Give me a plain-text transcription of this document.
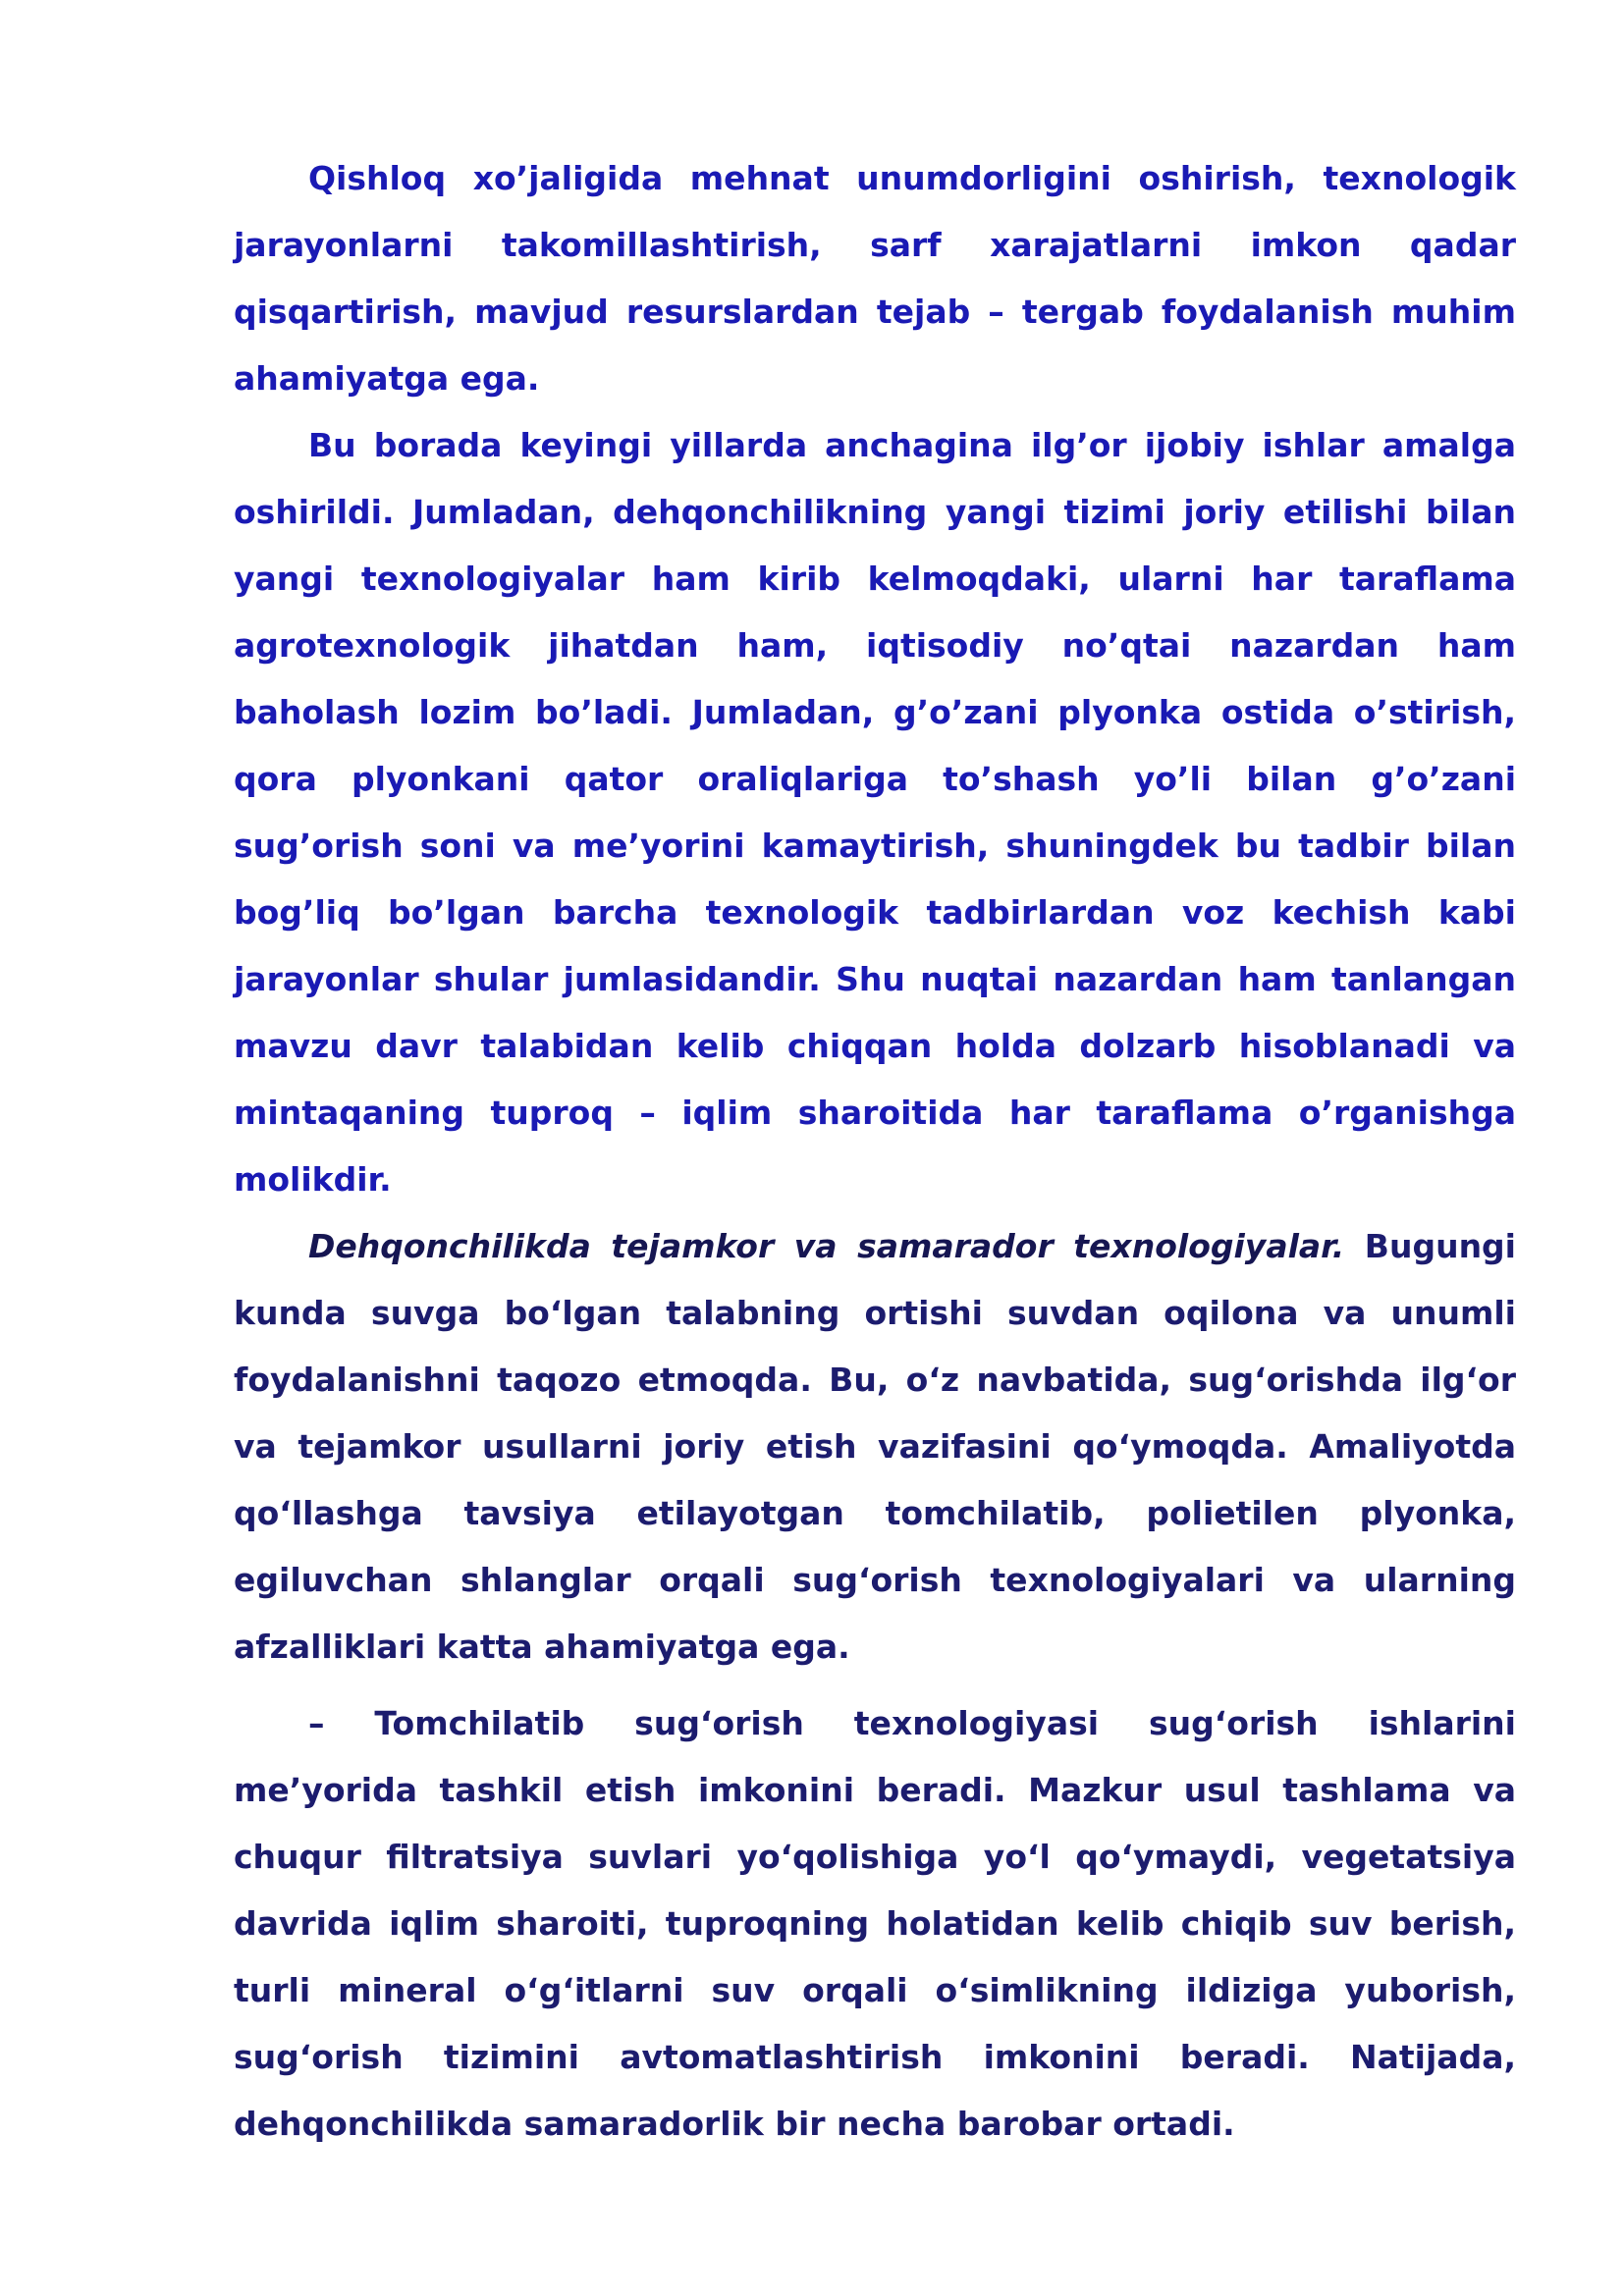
Qishloq xo’jaligida mehnat unumdorligini oshirish, texnologik jarayonlarni takomillashtirish, sarf xarajatlarni imkon qadar qisqartirish, mavjud resurslardan tejab – tergab foydalanish muhim ahamiyatga ega.

Bu borada keyingi yillarda anchagina ilg’or ijobiy ishlar amalga oshirildi. Jumladan, dehqonchilikning yangi tizimi joriy etilishi bilan yangi texnologiyalar ham kirib kelmoqdaki, ularni har taraflama agrotexnologik jihatdan ham, iqtisodiy no’qtai nazardan ham baholash lozim bo’ladi. Jumladan, g’o’zani plyonka ostida o’stirish, qora plyonkani qator oraliqlariga to’shash yo’li bilan g’o’zani sug’orish soni va me’yorini kamaytirish, shuningdek bu tadbir bilan bog’liq bo’lgan barcha texnologik tadbirlardan voz kechish kabi jarayonlar shular jumlasidandir. Shu nuqtai nazardan ham tanlangan mavzu davr talabidan kelib chiqqan holda dolzarb hisoblanadi va mintaqaning tuproq – iqlim sharoitida har taraflama o’rganishga molikdir.

Dehqonchilikda tejamkor va samarador texnologiyalar. Bugungi kunda suvga bo‘lgan talabning ortishi suvdan oqilona va unumli foydalanishni taqozo etmoqda. Bu, o‘z navbatida, sug‘orishda ilg‘or va tejamkor usullarni joriy etish vazifasini qo‘ymoqda. Amaliyotda qo‘llashga tavsiya etilayotgan tomchilatib, polietilen plyonka, egiluvchan shlanglar orqali sug‘orish texnologiyalari va ularning afzalliklari katta ahamiyatga ega.

– Tomchilatib sug‘orish texnologiyasi sug‘orish ishlarini me’yorida tashkil etish imkonini beradi. Mazkur usul tashlama va chuqur filtratsiya suvlari yo‘qolishiga yo‘l qo‘ymaydi, vegetatsiya davrida iqlim sharoiti, tuproqning holatidan kelib chiqib suv berish, turli mineral o‘g‘itlarni suv orqali o‘simlikning ildiziga yuborish, sug‘orish tizimini avtomatlashtirish imkonini beradi. Natijada, dehqonchilikda samaradorlik bir necha barobar ortadi.
